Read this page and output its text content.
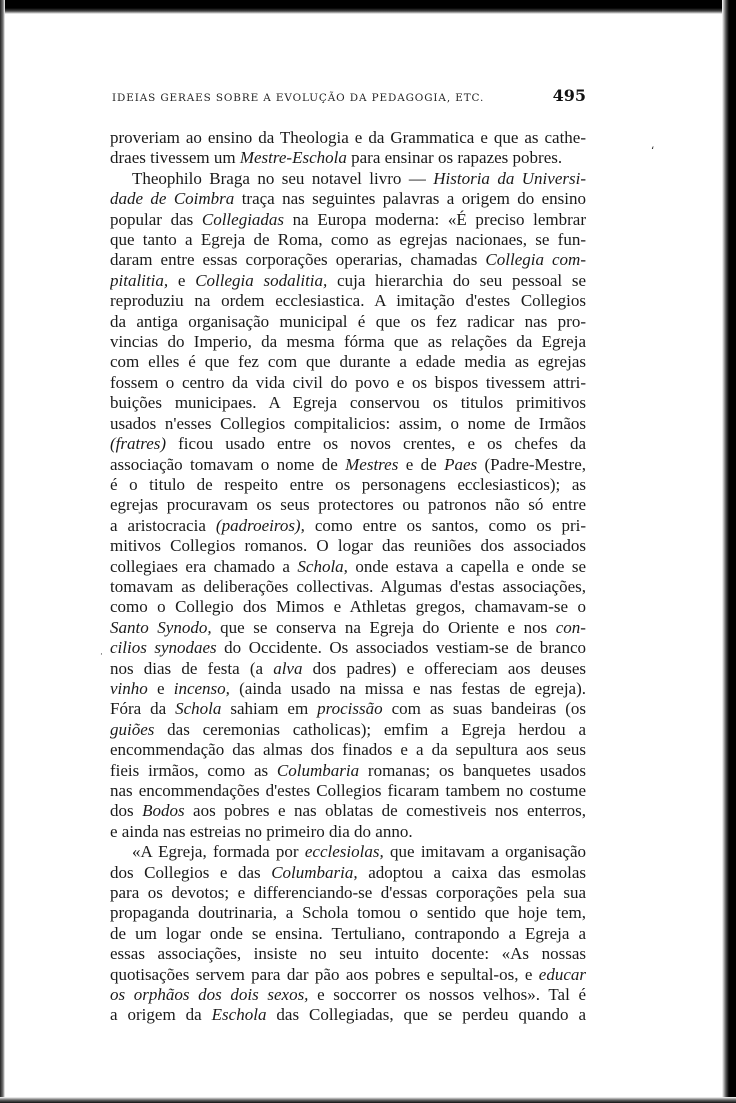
IDEIAS GERAES SOBRE A EVOLUÇÃO DA PEDAGOGIA, ETC.	495
proveriam ao ensino da Theologia e da Grammatica e que as cathe-
draes tivessem um Mestre-Eschola para ensinar os rapazes pobres.
Theophilo Braga no seu notavel livro — Historia da Universi-
dade de Coimbra traça nas seguintes palavras a origem do ensino
popular das Collegiadas na Europa moderna: «É preciso lembrar
que tanto a Egreja de Roma, como as egrejas nacionaes, se fun-
daram entre essas corporações operarias, chamadas Collegia com-
pitalitia, e Collegia sodalitia, cuja hierarchia do seu pessoal se
reproduziu na ordem ecclesiastica. A imitação d'estes Collegios
da antiga organisação municipal é que os fez radicar nas pro-
vincias do Imperio, da mesma fórma que as relações da Egreja
com elles é que fez com que durante a edade media as egrejas
fossem o centro da vida civil do povo e os bispos tivessem attri-
buições municipaes. A Egreja conservou os titulos primitivos
usados n'esses Collegios compitalicios: assim, o nome de Irmãos
(fratres) ficou usado entre os novos crentes, e os chefes da
associação tomavam o nome de Mestres e de Paes (Padre-Mestre,
é o titulo de respeito entre os personagens ecclesiasticos); as
egrejas procuravam os seus protectores ou patronos não só entre
a aristocracia (padroeiros), como entre os santos, como os pri-
mitivos Collegios romanos. O logar das reuniões dos associados
collegiaes era chamado a Schola, onde estava a capella e onde se
tomavam as deliberações collectivas. Algumas d'estas associações,
como o Collegio dos Mimos e Athletas gregos, chamavam-se o
Santo Synodo, que se conserva na Egreja do Oriente e nos con-
cilios synodaes do Occidente. Os associados vestiam-se de branco
nos dias de festa (a alva dos padres) e offereciam aos deuses
vinho e incenso, (ainda usado na missa e nas festas de egreja).
Fóra da Schola sahiam em procissão com as suas bandeiras (os
guiões das ceremonias catholicas); emfim a Egreja herdou a
encommendação das almas dos finados e a da sepultura aos seus
fieis irmãos, como as Columbaria romanas; os banquetes usados
nas encommendações d'estes Collegios ficaram tambem no costume
dos Bodos aos pobres e nas oblatas de comestiveis nos enterros,
e ainda nas estreias no primeiro dia do anno.
«A Egreja, formada por ecclesiolas, que imitavam a organisação
dos Collegios e das Columbaria, adoptou a caixa das esmolas
para os devotos; e differenciando-se d'essas corporações pela sua
propaganda doutrinaria, a Schola tomou o sentido que hoje tem,
de um logar onde se ensina. Tertuliano, contrapondo a Egreja a
essas associações, insiste no seu intuito docente: «As nossas
quotisações servem para dar pão aos pobres e sepultal-os, e educar
os orphãos dos dois sexos, e soccorrer os nossos velhos». Tal é
a origem da Eschola das Collegiadas, que se perdeu quando a
ʻ
·
